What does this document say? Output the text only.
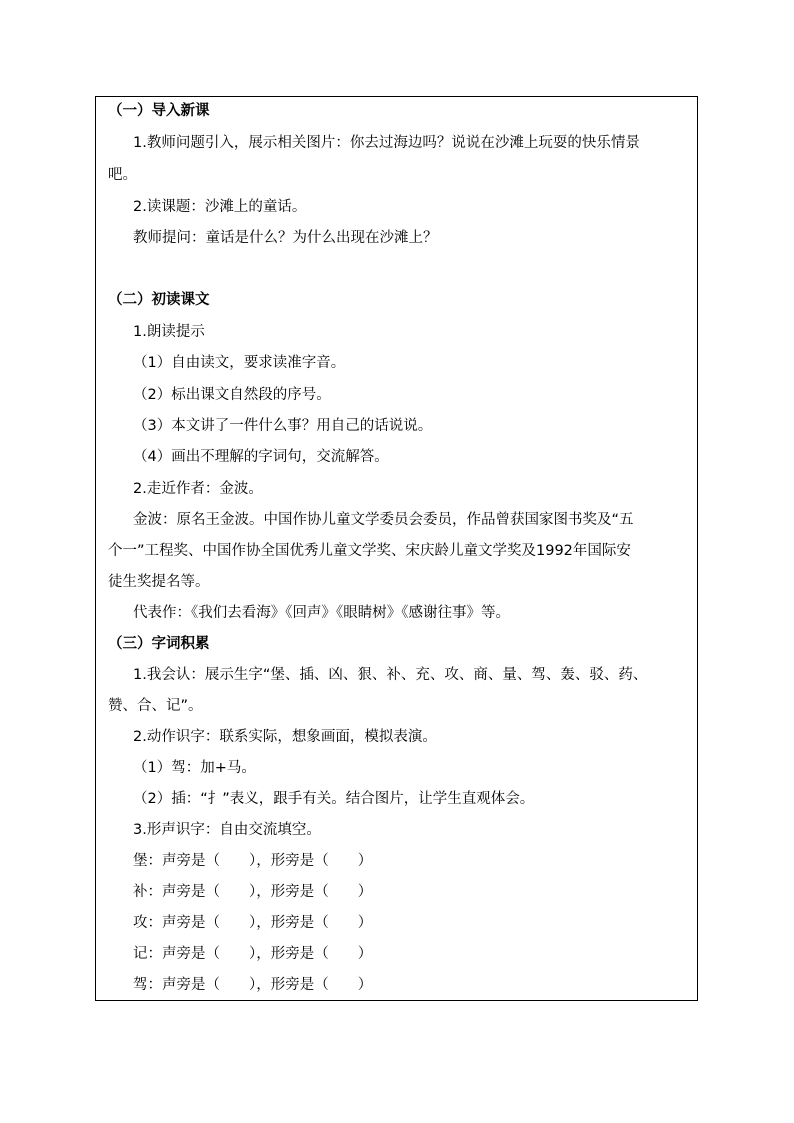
（一）导入新课
1.教师问题引入，展示相关图片：你去过海边吗？说说在沙滩上玩耍的快乐情景
吧。
2.读课题：沙滩上的童话。
教师提问：童话是什么？为什么出现在沙滩上？
（二）初读课文
1.朗读提示
（1）自由读文，要求读准字音。
（2）标出课文自然段的序号。
（3）本文讲了一件什么事？用自己的话说说。
（4）画出不理解的字词句，交流解答。
2.走近作者：金波。
金波：原名王金波。中国作协儿童文学委员会委员，作品曾获国家图书奖及“五
个一”工程奖、中国作协全国优秀儿童文学奖、宋庆龄儿童文学奖及1992年国际安
徒生奖提名等。
代表作：《我们去看海》《回声》《眼睛树》《感谢往事》等。
（三）字词积累
1.我会认：展示生字“堡、插、凶、狠、补、充、攻、商、量、驾、轰、驳、药、
赞、合、记”。
2.动作识字：联系实际，想象画面，模拟表演。
（1）驾：加+马。
（2）插：“扌”表义，跟手有关。结合图片，让学生直观体会。
3.形声识字：自由交流填空。
堡：声旁是（　　），形旁是（　　）
补：声旁是（　　），形旁是（　　）
攻：声旁是（　　），形旁是（　　）
记：声旁是（　　），形旁是（　　）
驾：声旁是（　　），形旁是（　　）
